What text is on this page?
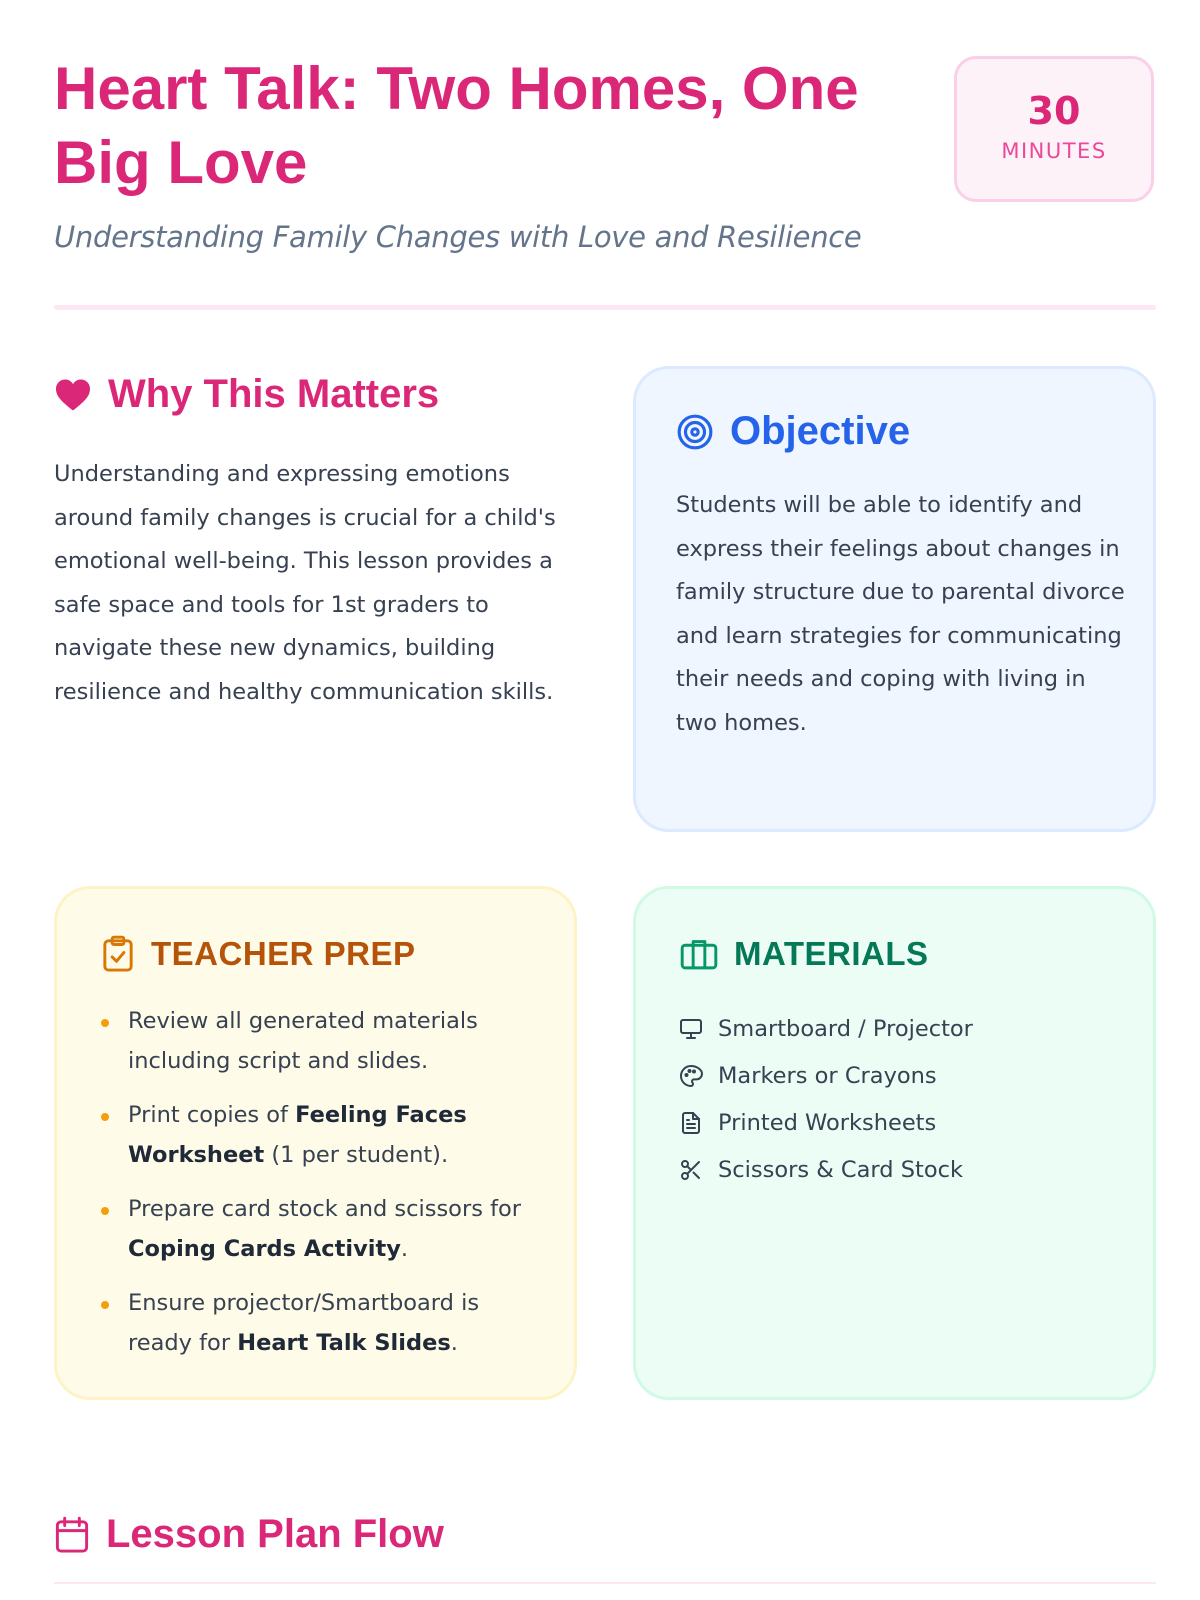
Heart Talk: Two Homes, One Big Love
Understanding Family Changes with Love and Resilience
30
MINUTES
Why This Matters

Understanding and expressing emotions around family changes is crucial for a child's emotional well-being. This lesson provides a safe space and tools for 1st graders to navigate these new dynamics, building resilience and healthy communication skills.

Objective

Students will be able to identify and express their feelings about changes in family structure due to parental divorce and learn strategies for communicating their needs and coping with living in two homes.

TEACHER PREP
Review all generated materials including script and slides.
Print copies of Feeling Faces Worksheet (1 per student).
Prepare card stock and scissors for Coping Cards Activity.
Ensure projector/Smartboard is ready for Heart Talk Slides.
MATERIALS
Smartboard / Projector
Markers or Crayons
Printed Worksheets
Scissors & Card Stock
Lesson Plan Flow
